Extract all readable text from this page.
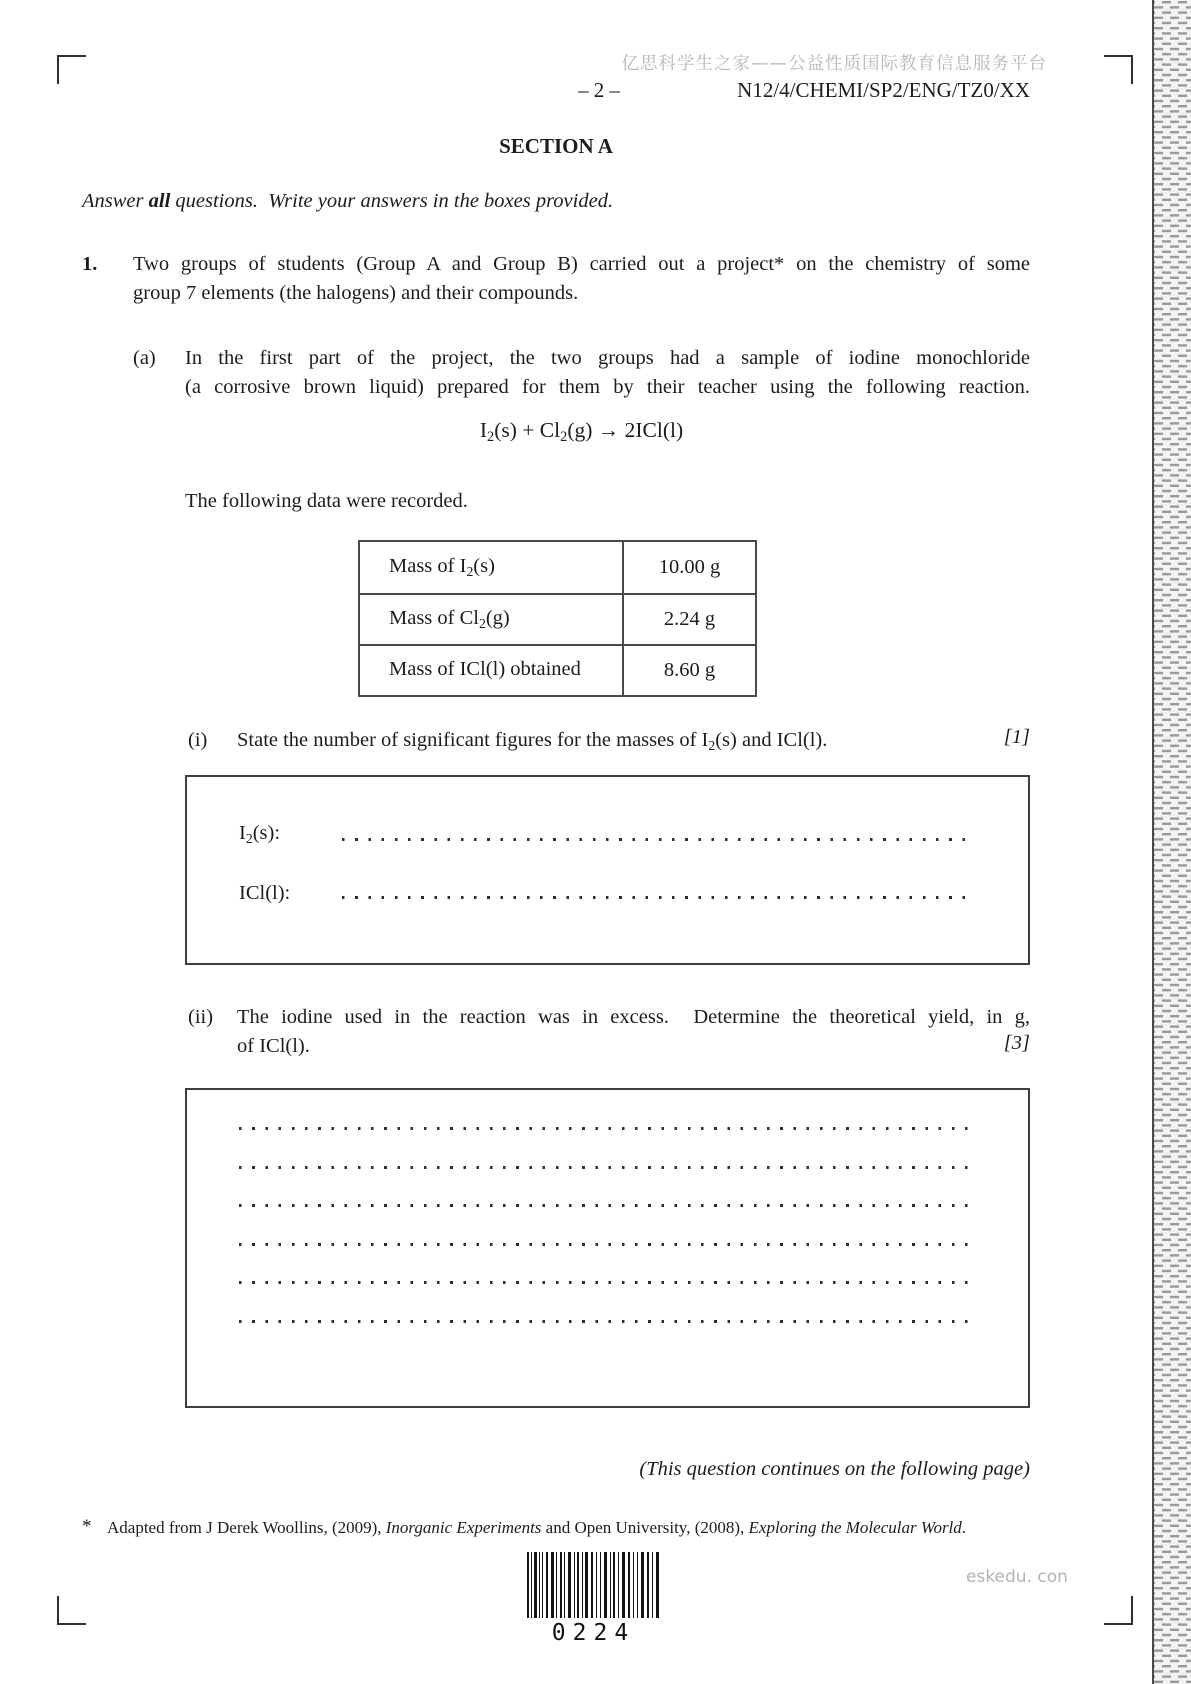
亿思科学生之家——公益性质国际教育信息服务平台
– 2 –	N12/4/CHEMI/SP2/ENG/TZ0/XX
SECTION A
Answer all questions.  Write your answers in the boxes provided.
1. Two groups of students (Group A and Group B) carried out a project* on the chemistry of some
group 7 elements (the halogens) and their compounds.
(a) In the first part of the project, the two groups had a sample of iodine monochloride
(a corrosive brown liquid) prepared for them by their teacher using the following reaction.
$I_2(s) + Cl_2(g) \to 2ICl(l)$
The following data were recorded.
Mass of $I_2(s)$	10.00 g
Mass of $Cl_2(g)$	2.24 g
Mass of ICl(l) obtained	8.60 g
(i) State the number of significant figures for the masses of $I_2(s)$ and ICl(l).	[1]
$I_2(s)$:
ICl(l):
(ii) The iodine used in the reaction was in excess.  Determine the theoretical yield, in g,
of ICl(l).	[3]
(This question continues on the following page)
* Adapted from J Derek Woollins, (2009), Inorganic Experiments and Open University, (2008), Exploring the Molecular World.
0224
eskedu. con
